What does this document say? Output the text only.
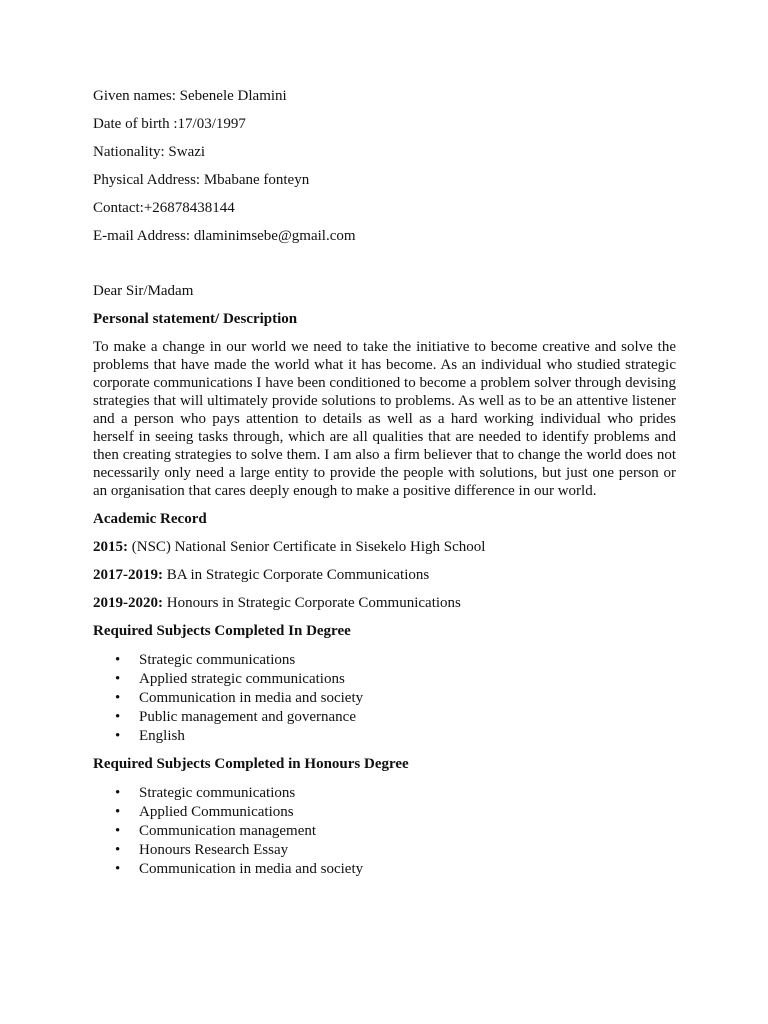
Given names: Sebenele Dlamini

Date of birth :17/03/1997

Nationality: Swazi

Physical Address: Mbabane fonteyn

Contact:+26878438144

E-mail Address: dlaminimsebe@gmail.com

Dear Sir/Madam

Personal statement/ Description

To make a change in our world we need to take the initiative to become creative and solve the problems that have made the world what it has become. As an individual who studied strategic corporate communications I have been conditioned to become a problem solver through devising strategies that will ultimately provide solutions to problems. As well as to be an attentive listener and a person who pays attention to details as well as a hard working individual who prides herself in seeing tasks through, which are all qualities that are needed to identify problems and then creating strategies to solve them. I am also a firm believer that to change the world does not necessarily only need a large entity to provide the people with solutions, but just one person or an organisation that cares deeply enough to make a positive difference in our world.

Academic Record

2015: (NSC) National Senior Certificate in Sisekelo High School

2017-2019: BA in Strategic Corporate Communications

2019-2020: Honours in Strategic Corporate Communications

Required Subjects Completed In Degree

• Strategic communications
• Applied strategic communications
• Communication in media and society
• Public management and governance
• English

Required Subjects Completed in Honours Degree

• Strategic communications
• Applied Communications
• Communication management
• Honours Research Essay
• Communication in media and society
